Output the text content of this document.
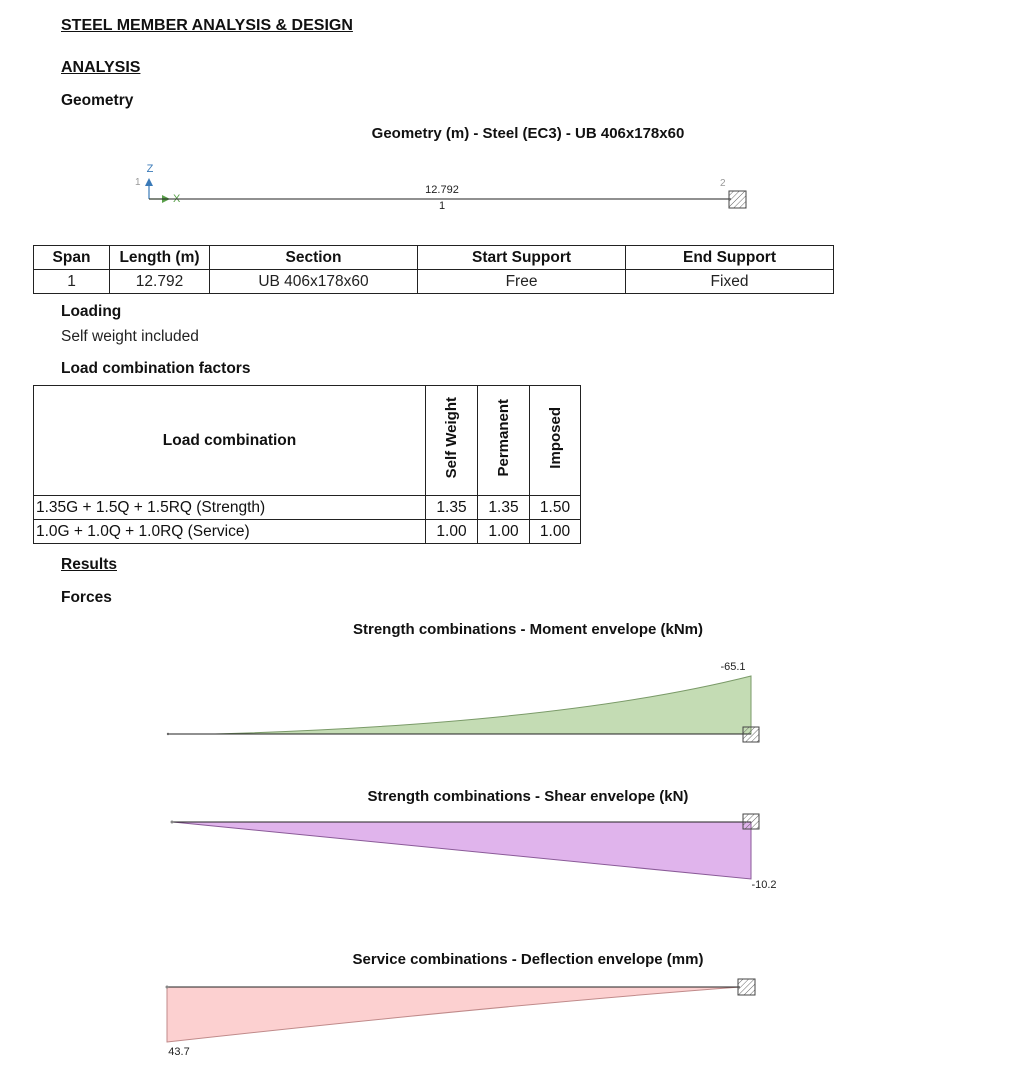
STEEL MEMBER ANALYSIS & DESIGN
ANALYSIS
Geometry
Geometry (m) - Steel (EC3) - UB 406x178x60
Z
X
1
12.792
1
2
Span	Length (m)	Section	Start Support	End Support
1	12.792	UB 406x178x60	Free	Fixed
Loading
Self weight included
Load combination factors
Load combination	Self Weight	Permanent	Imposed
1.35G + 1.5Q + 1.5RQ (Strength)	1.35	1.35	1.50
1.0G + 1.0Q + 1.0RQ (Service)	1.00	1.00	1.00
Results
Forces
Strength combinations - Moment envelope (kNm)
-65.1
Strength combinations - Shear envelope (kN)
-10.2
Service combinations - Deflection envelope (mm)
43.7
